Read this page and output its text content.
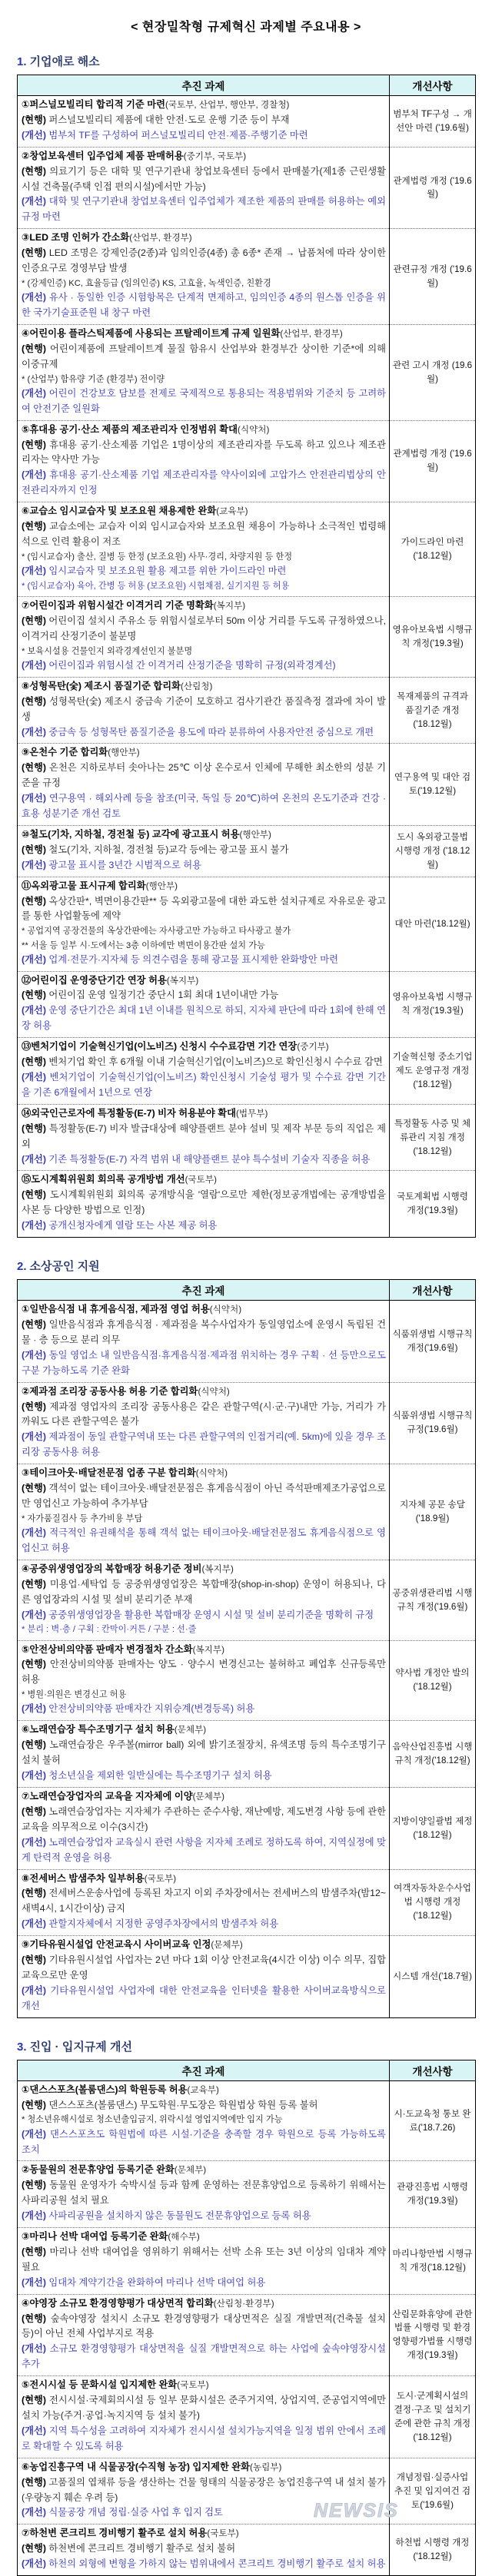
< 현장밀착형 규제혁신 과제별 주요내용 >
1. 기업애로 해소
추진 과제	개선사항

①퍼스널모빌리티 합리적 기준 마련(국토부, 산업부, 행안부, 경찰청)
(현행) 퍼스널모빌리티 제품에 대한 안전·도로 운행 기준 등이 부재
(개선) 범부처 TF를 구성하여 퍼스널모빌리티 안전·제품·주행기준 마련	범부처 TF구성 → 개선안 마련 ('19.6월)

②창업보육센터 입주업체 제품 판매허용(중기부, 국토부)
(현행) 의료기기 등은 대학 및 연구기관내 창업보육센터 등에서 판매불가(제1종 근린생활시설 건축물(주택 인접 편의시설)에서만 가능)
(개선) 대학 및 연구기관내 창업보육센터 입주업체가 제조한 제품의 판매를 허용하는 예외규정 마련	관계법령 개정 ('19.6월)

③LED 조명 인허가 간소화(산업부, 환경부)
(현행) LED 조명은 강제인증(2종)과 임의인증(4종) 총 6종* 존재 → 납품처에 따라 상이한 인증요구로 경영부담 발생
* (강제인증) KC, 효율등급 (임의인증) KS, 고효율, 녹색인증, 친환경
(개선) 유사 · 동일한 인증 시험항목은 단계적 면제하고, 임의인증 4종의 원스톱 인증을 위한 국가기술표준원 내 창구 마련	관련규정 개정 ('19.6월)

④어린이용 플라스틱제품에 사용되는 프탈레이트계 규제 일원화(산업부, 환경부)
(현행) 어린이제품에 프탈레이트계 물질 함유시 산업부와 환경부간 상이한 기준*에 의해 이중규제
* (산업부) 함유량 기준 (환경부) 전이량
(개선) 어린이 건강보호 담보를 전제로 국제적으로 통용되는 적용범위와 기준치 등 고려하여 안전기준 일원화	관련 고시 개정 (19.6월)

⑤휴대용 공기·산소 제품의 제조관리자 인정범위 확대(식약처)
(현행) 휴대용 공기·산소제품 기업은 1명이상의 제조관리자를 두도록 하고 있으나 제조관리자는 약사만 가능
(개선) 휴대용 공기·산소제품 기업 제조관리자를 약사이외에 고압가스 안전관리법상의 안전관리자까지 인정	관계법령 개정 ('19.6월)

⑥교습소 임시교습자 및 보조요원 채용제한 완화(교육부)
(현행) 교습소에는 교습자 이외 임시교습자와 보조요원 채용이 가능하나 소극적인 법령해석으로 인력 활용이 저조
* (임시교습자) 출산, 질병 등 한정 (보조요원) 사무·경리, 차량지원 등 한정
(개선) 임시교습자 및 보조요원 활용 제고를 위한 가이드라인 마련
* (임시교습자) 육아, 간병 등 허용 (보조요원) 시험채점, 실기지원 등 허용	가이드라인 마련 ('18.12월)

⑦어린이집과 위험시설간 이격거리 기준 명확화(복지부)
(현행) 어린이집 설치시 주유소 등 위험시설로부터 50m 이상 거리를 두도록 규정하였으나, 이격거리 산정기준이 불분명
* 보육시설용 건물인지 외곽경계선인지 불분명
(개선) 어린이집과 위험시설 간 이격거리 산정기준을 명확히 규정(외곽경계선)	영유아보육법 시행규칙 개정('19.3월)

⑧성형목탄(숯) 제조시 품질기준 합리화(산림청)
(현행) 성형목탄(숯) 제조시 중금속 기준이 모호하고 검사기관간 품질측정 결과에 차이 발생
(개선) 중금속 등 성형목탄 품질기준을 용도에 따라 분류하여 사용자안전 중심으로 개편	목재제품의 규격과 품질기준 개정 ('18.12월)

⑨온천수 기준 합리화(행안부)
(현행) 온천은 지하로부터 솟아나는 25℃ 이상 온수로서 인체에 무해한 최소한의 성분 기준을 규정
(개선) 연구용역 · 해외사례 등을 참조(미국, 독일 등 20℃)하여 온천의 온도기준과 건강 · 효용 성분기준 개선 검토	연구용역 및 대안 검토('19.12월)

⑩철도(기차, 지하철, 경전철 등) 교각에 광고표시 허용(행안부)
(현행) 철도(기차, 지하철, 경전철 등)교각 등에는 광고물 표시 불가
(개선) 광고물 표시를 3년간 시범적으로 허용	도시 옥외광고물법 시행령 개정 ('18.12월)

⑪옥외광고물 표시규제 합리화(행안부)
(현행) 옥상간판*, 벽면이용간판** 등 옥외광고물에 대한 과도한 설치규제로 자유로운 광고를 통한 사업활동에 제약
* 공업지역 공장건물의 옥상간판에는 자사광고만 가능하고 타사광고 불가
** 서울 등 일부 시·도에서는 3층 이하에만 벽면이용간판 설치 가능
(개선) 업계·전문가·지자체 등 의견수렴을 통해 광고물 표시제한 완화방안 마련	대안 마련('18.12월)

⑫어린이집 운영중단기간 연장 허용(복지부)
(현행) 어린이집 운영 일정기간 중단시 1회 최대 1년이내만 가능
(개선) 운영 중단기간은 최대 1년 이내를 원칙으로 하되, 지자체 판단에 따라 1회에 한해 연장 허용	영유아보육법 시행규칙 개정('19.3월)

⑬벤처기업이 기술혁신기업(이노비즈) 신청시 수수료감면 기간 연장(중기부)
(현행) 벤처기업 확인 후 6개월 이내 기술혁신기업(이노비즈)으로 확인신청시 수수료 감면
(개선) 벤처기업이 기술혁신기업(이노비즈) 확인신청시 기술성 평가 및 수수료 감면 기간을 기존 6개월에서 1년으로 연장	기술혁신형 중소기업 제도 운영규정 개정('18.12월)

⑭외국인근로자에 특정활동(E-7) 비자 허용분야 확대(법무부)
(현행) 특정활동(E-7) 비자 발급대상에 해양플랜트 분야 설비 및 제작 부문 등의 직업은 제외
(개선) 기존 특정활동(E-7) 자격 범위 내 해양플랜트 분야 특수설비 기술자 직종을 허용	특정활동 사증 및 체류관리 지침 개정('18.12월)

⑮도시계획위원회 회의록 공개방법 개선(국토부)
(현행) 도시계획위원회 회의록 공개방식을 '열람'으로만 제한(정보공개법에는 공개방법을 사본 등 다양한 방법으로 인정)
(개선) 공개신청자에게 열람 또는 사본 제공 허용	국토계획법 시행령 개정('19.3월)
2. 소상공인 지원
추진 과제	개선사항

①일반음식점 내 휴게음식점, 제과점 영업 허용(식약처)
(현행) 일반음식점과 휴게음식점 · 제과점을 복수사업자가 동일영업소에 운영시 독립된 건물 · 층 등으로 분리 의무
(개선) 동일 영업소 내 일반음식점·휴게음식점·제과점 위치하는 경우 구획 · 선 등만으로도 구분 가능하도록 기준 완화	식품위생법 시행규칙 개정('19.6월)

②제과점 조리장 공동사용 허용 기준 합리화(식약처)
(현행) 제과점 영업자의 조리장 공동사용은 같은 관할구역(시·군·구)내만 가능, 거리가 가까워도 다른 관할구역은 불가
(개선) 제과점이 동일 관할구역내 또는 다른 관할구역의 인접거리(예. 5km)에 있을 경우 조리장 공동사용 허용	식품위생법 시행규칙 규정('19.6월)

③테이크아웃·배달전문점 업종 구분 합리화(식약처)
(현행) 객석이 없는 테이크아웃·배달전문점은 휴게음식점이 아닌 즉석판매제조가공업으로만 영업신고 가능하여 추가부담
* 자가품질검사 등 추가비용 부담
(개선) 적극적인 유권해석을 통해 객석 없는 테이크아웃·배달전문점도 휴게음식점으로 영업신고 허용	지자체 공문 송달 ('18.9월)

④공중위생영업장의 복합매장 허용기준 정비(복지부)
(현행) 미용업·세탁업 등 공중위생영업장은 복합매장(shop-in-shop) 운영이 허용되나, 다른 영업장과의 시설 및 설비 분리기준 부재
(개선) 공중위생영업장을 활용한 복합매장 운영시 시설 및 설비 분리기준을 명확히 규정
* 분리 : 벽·층 / 구획 : 칸막이·커튼 / 구분 : 선·줄	공중위생관리법 시행규칙 개정('19.6월)

⑤안전상비의약품 판매자 변경절차 간소화(복지부)
(현행) 안전상비의약품 판매자는 양도 · 양수시 변경신고는 불허하고 폐업후 신규등록만 허용
* 병원·의원은 변경신고 허용
(개선) 안전상비의약품 판매자간 지위승계(변경등록) 허용	약사법 개정안 발의 ('18.12월)

⑥노래연습장 특수조명기구 설치 허용(문체부)
(현행) 노래연습장은 우주볼(mirror ball) 외에 밝기조절장치, 유색조명 등의 특수조명기구 설치 불허
(개선) 청소년실을 제외한 일반실에는 특수조명기구 설치 허용	음악산업진흥법 시행규칙 개정('18.12월)

⑦노래연습장업자의 교육을 지자체에 이양(문체부)
(현행) 노래연습장업자는 지자체가 주관하는 준수사항, 재난예방, 제도변경 사항 등에 관한 교육을 의무적으로 이수(3시간)
(개선) 노래연습장업자 교육실시 관련 사항을 지자체 조례로 정하도록 하여, 지역실정에 맞게 탄력적 운영을 허용	지방이양일괄법 제정 ('18.12월)

⑧전세버스 밤샘주차 일부허용(국토부)
(현행) 전세버스운송사업에 등록된 차고지 이외 주차장에서는 전세버스의 밤샘주차(밤12~새벽4시, 1시간이상) 금지
(개선) 관할지자체에서 지정한 공영주차장에서의 밤샘주차 허용	여객자동차운수사업법 시행령 개정 ('18.12월)

⑨기타유원시설업 안전교육시 사이버교육 인정(문체부)
(현행) 기타유원시설업 사업자는 2년 마다 1회 이상 안전교육(4시간 이상) 이수 의무, 집합교육으로만 운영
(개선) 기타유원시설업 사업자에 대한 안전교육을 인터넷을 활용한 사이버교육방식으로 개선	시스템 개선('18.7월)
3. 진입 · 입지규제 개선
추진 과제	개선사항

①댄스스포츠(볼룸댄스)의 학원등록 허용(교육부)
(현행) 댄스스포츠(볼룸댄스) 무도학원·무도장은 학원법상 학원 등록 불허
* 청소년유해시설로 청소년출입금지, 위락시설 영업지역에만 입지 가능
(개선) 댄스스포츠도 학원법에 따른 시설·기준을 충족할 경우 학원으로 등록 가능하도록 조치	시·도교육청 통보 완료('18.7.26)

②동물원의 전문휴양업 등록기준 완화(문체부)
(현행) 동물원 운영자가 숙박시설 등과 함께 운영하는 전문휴양업으로 등록하기 위해서는 사파리공원 설치 필요
(개선) 사파리공원을 설치하지 않은 동물원도 전문휴양업으로 등록 허용	관광진흥법 시행령 개정('19.3월)

③마리나 선박 대여업 등록기준 완화(해수부)
(현행) 마리나 선박 대여업을 영위하기 위해서는 선박 소유 또는 3년 이상의 임대차 계약 필요
(개선) 임대차 계약기간을 완화하여 마리나 선박 대여업 허용	마리나항만법 시행규칙 개정('18.12월)

④야영장 소규모 환경영향평가 대상면적 합리화(산림청·환경부)
(현행) 숲속야영장 설치시 소규모 환경영향평가 대상면적은 실질 개발면적(건축물 설치 등)이 아닌 전체 사업부지로 적용
(개선) 소규모 환경영향평가 대상면적을 실질 개발면적으로 하는 사업에 숲속야영장시설 추가	산림문화휴양에 관한 법률 시행령 및 환경영향평가법률 시행령 개정('19.3월)

⑤전시시설 등 문화시설 입지제한 완화(국토부)
(현행) 전시시설·국제회의시설 등 일부 문화시설은 준주거지역, 상업지역, 준공업지역에만 설치 가능(주거·공업·녹지지역 등 설치 불가)
(개선) 지역 특수성을 고려하여 지자체가 전시시설 설치가능지역을 일정 범위 안에서 조례로 확대할 수 있도록 허용	도시·군계획시설의 결정·구조 및 설치기준에 관한 규칙 개정 ('18.12월)

⑥농업진흥구역 내 식물공장(수직형 농장) 입지제한 완화(농림부)
(현행) 고품질의 엽채류 등을 생산하는 건물 형태의 식물공장은 농업진흥구역 내 설치 불가(우량농지 훼손 우려 등)
(개선) 식물공장 개념 정립·실증 사업 후 입지 검토	개념정립·실증사업 추진 및 입지여건 검토('19.6월)

⑦하천변 콘크리트 경비행기 활주로 설치 허용(국토부)
(현행) 하천변에 콘크리트 경비행기 활주로 설치 불허
(개선) 하천의 외형에 변형을 가하지 않는 범위내에서 콘크리트 경비행기 활주로 설치 허용	하천법 시행령 개정 ('18.12월)
NEWSIS
